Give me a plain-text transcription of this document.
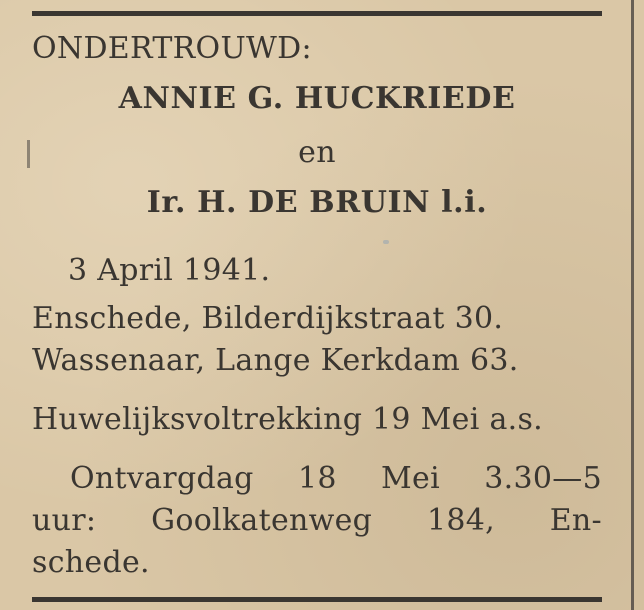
ONDERTROUWD:
ANNIE G. HUCKRIEDE
en
Ir. H. DE BRUIN l.i.
3 April 1941.
Enschede, Bilderdijkstraat 30.
Wassenaar, Lange Kerkdam 63.
Huwelijksvoltrekking 19 Mei a.s.
Ontvargdag 18 Mei 3.30—5
uur: Goolkatenweg 184, En-
schede.
